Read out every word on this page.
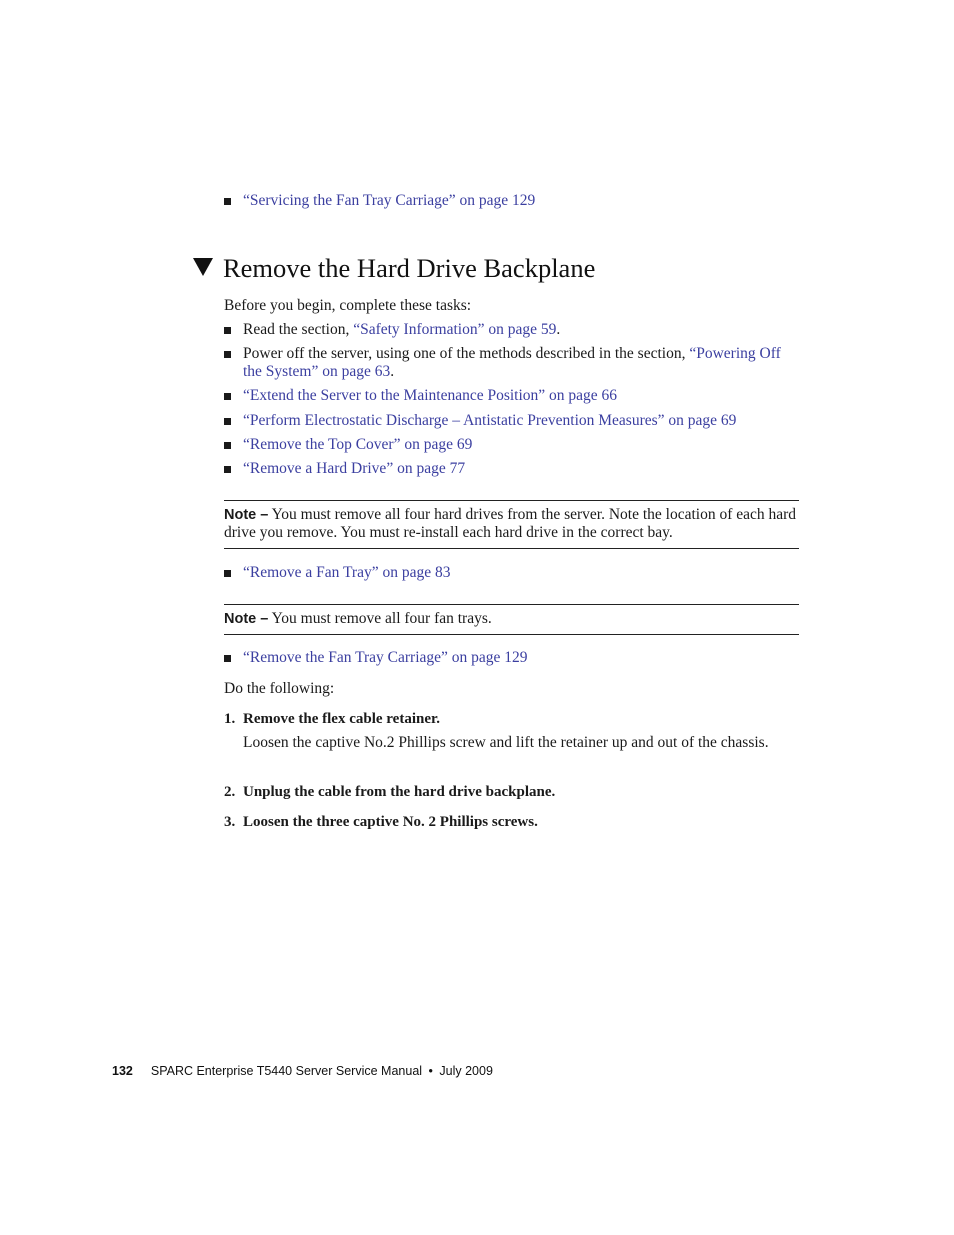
“Servicing the Fan Tray Carriage” on page 129
Remove the Hard Drive Backplane
Before you begin, complete these tasks:
Read the section, “Safety Information” on page 59.
Power off the server, using one of the methods described in the section, “Powering Off the System” on page 63.
“Extend the Server to the Maintenance Position” on page 66
“Perform Electrostatic Discharge – Antistatic Prevention Measures” on page 69
“Remove the Top Cover” on page 69
“Remove a Hard Drive” on page 77
Note – You must remove all four hard drives from the server. Note the location of each hard drive you remove. You must re-install each hard drive in the correct bay.
“Remove a Fan Tray” on page 83
Note – You must remove all four fan trays.
“Remove the Fan Tray Carriage” on page 129
Do the following:
1. Remove the flex cable retainer.
Loosen the captive No.2 Phillips screw and lift the retainer up and out of the chassis.
2. Unplug the cable from the hard drive backplane.
3. Loosen the three captive No. 2 Phillips screws.
132 SPARC Enterprise T5440 Server Service Manual • July 2009
